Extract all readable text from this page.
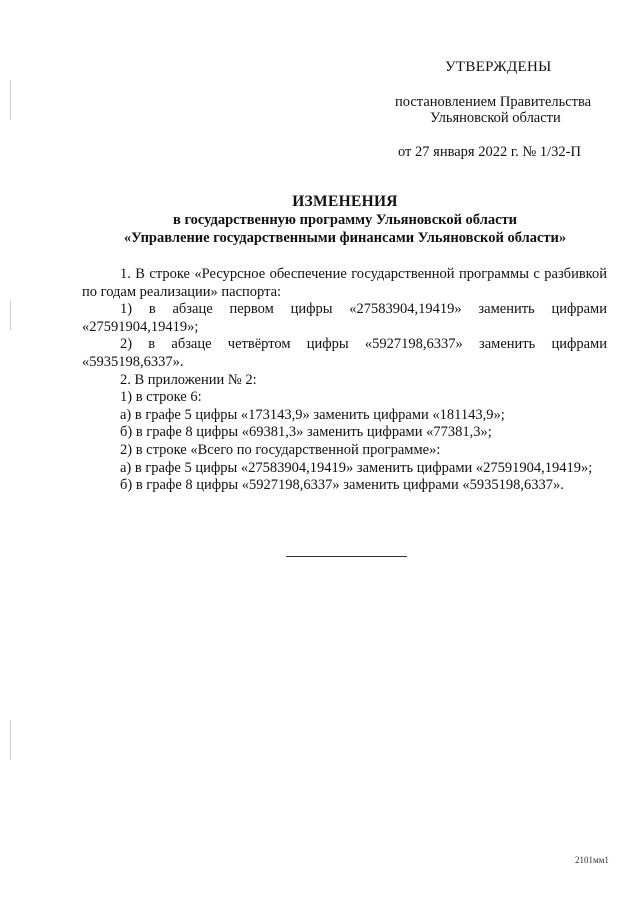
УТВЕРЖДЕНЫ
постановлением Правительства
Ульяновской области
от 27 января 2022 г. № 1/32-П
ИЗМЕНЕНИЯ
в государственную программу Ульяновской области
«Управление государственными финансами Ульяновской области»

1. В строке «Ресурсное обеспечение государственной программы с разбивкой по годам реализации» паспорта:

1) в абзаце первом цифры «27583904,19419» заменить цифрами «27591904,19419»;

2) в абзаце четвёртом цифры «5927198,6337» заменить цифрами «5935198,6337».

2. В приложении № 2:

1) в строке 6:

а) в графе 5 цифры «173143,9» заменить цифрами «181143,9»;

б) в графе 8 цифры «69381,3» заменить цифрами «77381,3»;

2) в строке «Всего по государственной программе»:

а) в графе 5 цифры «27583904,19419» заменить цифрами «27591904,19419»;

б) в графе 8 цифры «5927198,6337» заменить цифрами «5935198,6337».

2101мм1
